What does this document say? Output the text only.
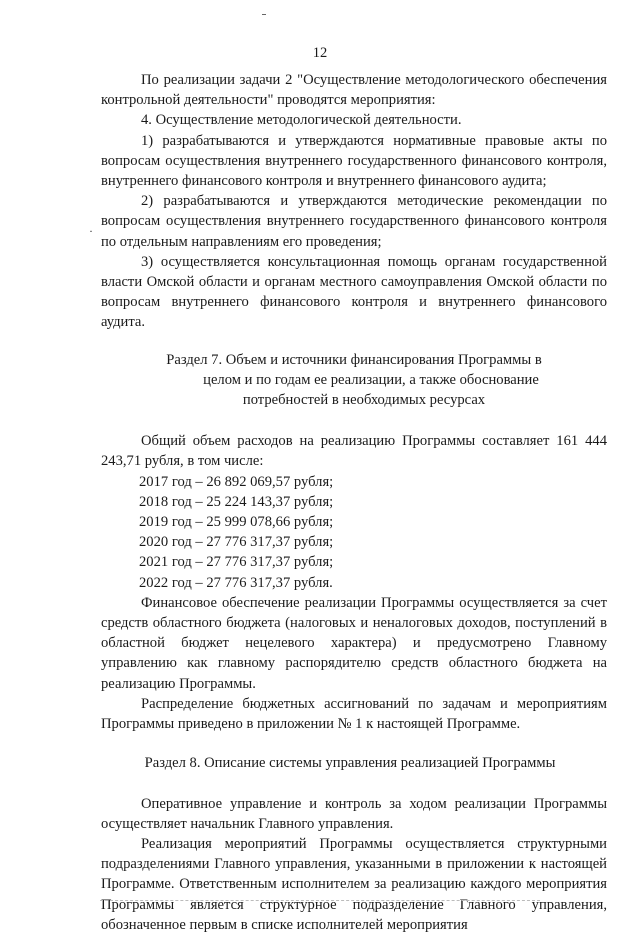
12
·

По реализации задачи 2 "Осуществление методологического обеспечения контрольной деятельности" проводятся мероприятия:

4. Осуществление методологической деятельности.

1) разрабатываются и утверждаются нормативные правовые акты по вопросам осуществления внутреннего государственного финансового контроля, внутреннего финансового контроля и внутреннего финансового аудита;

2) разрабатываются и утверждаются методические рекомендации по вопросам осуществления внутреннего государственного финансового контроля по отдельным направлениям его проведения;

3) осуществляется консультационная помощь органам государственной власти Омской области и органам местного самоуправления Омской области по вопросам внутреннего финансового контроля и внутреннего финансового аудита.

Раздел 7. Объем и источники финансирования Программы в
целом и по годам ее реализации, а также обоснование
потребностей в необходимых ресурсах

Общий объем расходов на реализацию Программы составляет 161 444 243,71 рубля, в том числе:

2017 год – 26 892 069,57 рубля;

2018 год – 25 224 143,37 рубля;

2019 год – 25 999 078,66 рубля;

2020 год – 27 776 317,37 рубля;

2021 год – 27 776 317,37 рубля;

2022 год – 27 776 317,37 рубля.

Финансовое обеспечение реализации Программы осуществляется за счет средств областного бюджета (налоговых и неналоговых доходов, поступлений в областной бюджет нецелевого характера) и предусмотрено Главному управлению как главному распорядителю средств областного бюджета на реализацию Программы.

Распределение бюджетных ассигнований по задачам и мероприятиям Программы приведено в приложении № 1 к настоящей Программе.

Раздел 8. Описание системы управления реализацией Программы

Оперативное управление и контроль за ходом реализации Программы осуществляет начальник Главного управления.

Реализация мероприятий Программы осуществляется структурными подразделениями Главного управления, указанными в приложении к настоящей Программе. Ответственным исполнителем за реализацию каждого мероприятия Программы является структурное подразделение Главного управления, обозначенное первым в списке исполнителей мероприятия
